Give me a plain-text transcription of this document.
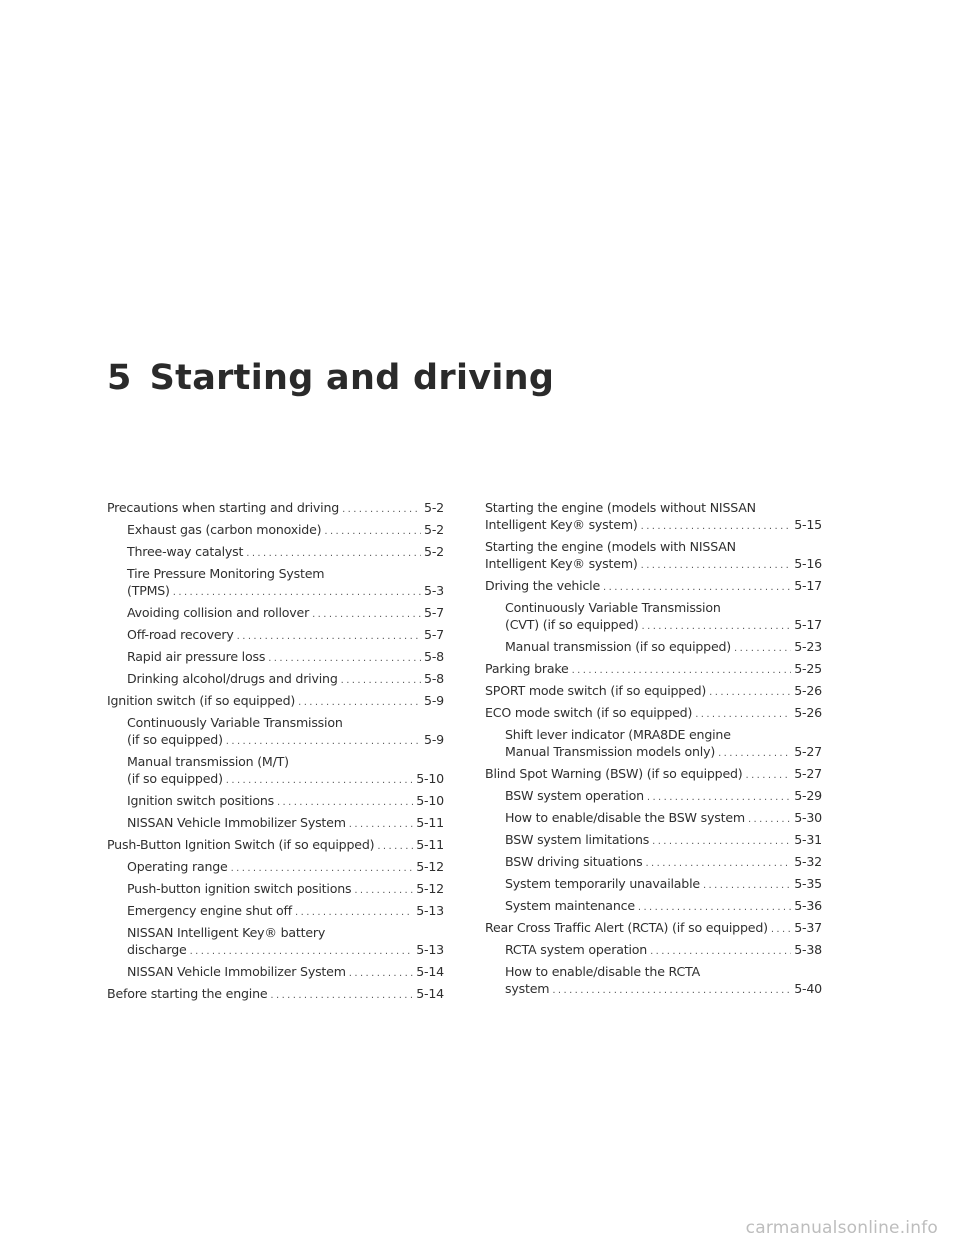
5 Starting and driving
Precautions when starting and driving .....	5-2
Exhaust gas (carbon monoxide) .....	5-2
Three-way catalyst .....	5-2
Tire Pressure Monitoring System
(TPMS) .....	5-3
Avoiding collision and rollover .....	5-7
Off-road recovery .....	5-7
Rapid air pressure loss .....	5-8
Drinking alcohol/drugs and driving .....	5-8
Ignition switch (if so equipped) .....	5-9
Continuously Variable Transmission
(if so equipped) .....	5-9
Manual transmission (M/T)
(if so equipped) .....	5-10
Ignition switch positions .....	5-10
NISSAN Vehicle Immobilizer System .....	5-11
Push-Button Ignition Switch (if so equipped) .....	5-11
Operating range .....	5-12
Push-button ignition switch positions .....	5-12
Emergency engine shut off .....	5-13
NISSAN Intelligent Key® battery
discharge .....	5-13
NISSAN Vehicle Immobilizer System .....	5-14
Before starting the engine .....	5-14
Starting the engine (models without NISSAN
Intelligent Key® system) .....	5-15
Starting the engine (models with NISSAN
Intelligent Key® system) .....	5-16
Driving the vehicle .....	5-17
Continuously Variable Transmission
(CVT) (if so equipped) .....	5-17
Manual transmission (if so equipped) .....	5-23
Parking brake .....	5-25
SPORT mode switch (if so equipped) .....	5-26
ECO mode switch (if so equipped) .....	5-26
Shift lever indicator (MRA8DE engine
Manual Transmission models only) .....	5-27
Blind Spot Warning (BSW) (if so equipped) .....	5-27
BSW system operation .....	5-29
How to enable/disable the BSW system .....	5-30
BSW system limitations .....	5-31
BSW driving situations .....	5-32
System temporarily unavailable .....	5-35
System maintenance .....	5-36
Rear Cross Traffic Alert (RCTA) (if so equipped) ..... 5-37
RCTA system operation .....	5-38
How to enable/disable the RCTA
system .....	5-40
carmanualsonline.info
